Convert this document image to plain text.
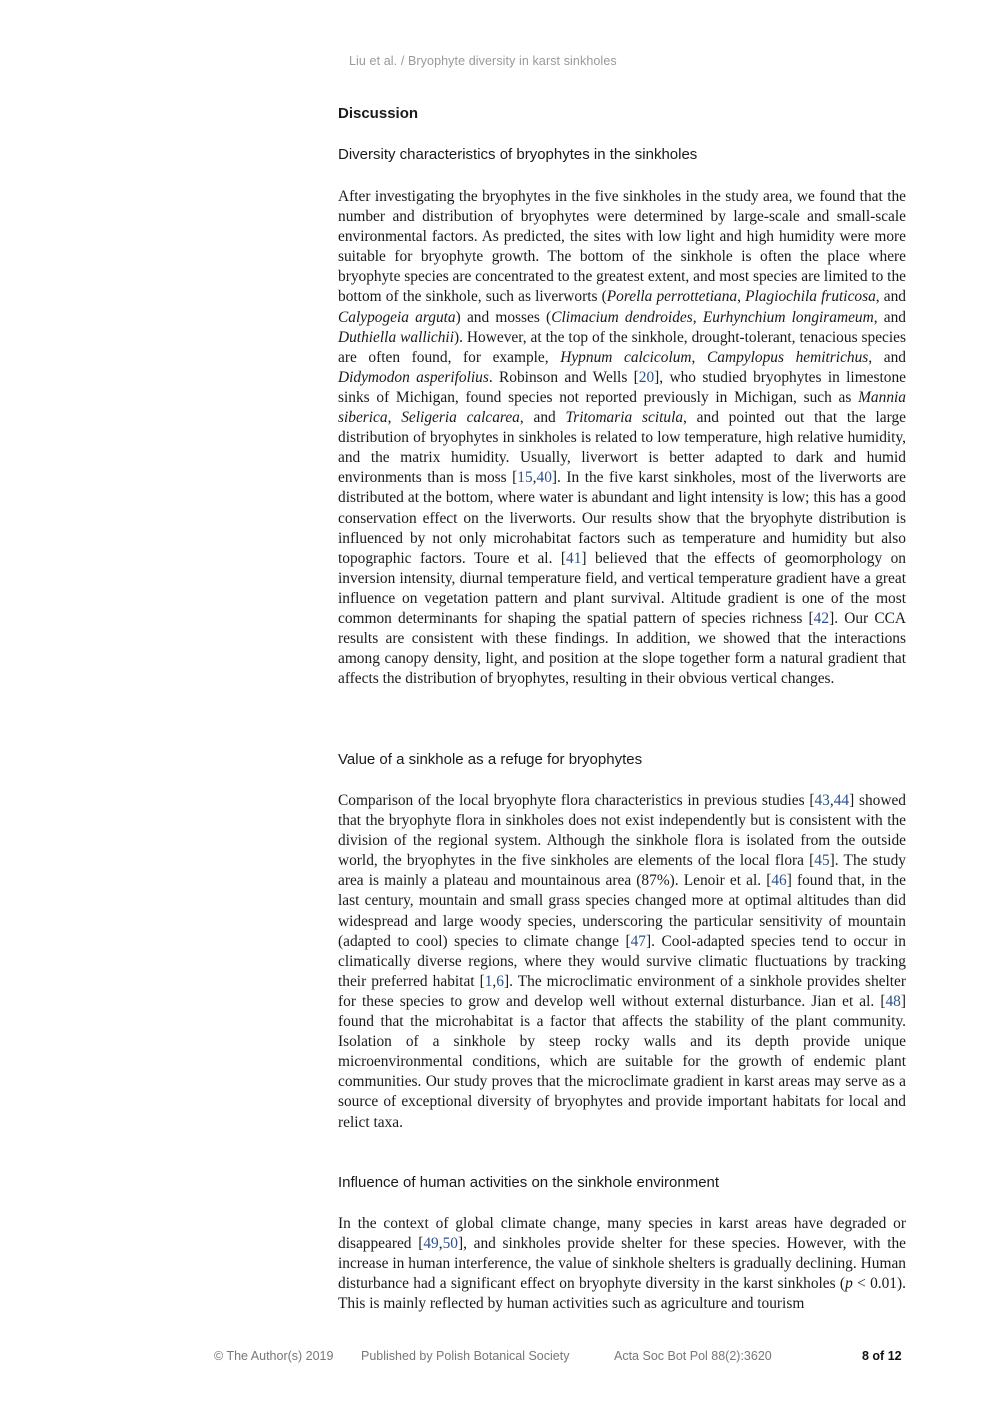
Liu et al. / Bryophyte diversity in karst sinkholes
Discussion
Diversity characteristics of bryophytes in the sinkholes
After investigating the bryophytes in the five sinkholes in the study area, we found that the number and distribution of bryophytes were determined by large-scale and small-scale environmental factors. As predicted, the sites with low light and high humidity were more suitable for bryophyte growth. The bottom of the sinkhole is often the place where bryophyte species are concentrated to the greatest extent, and most species are limited to the bottom of the sinkhole, such as liverworts (Porella perrottetiana, Plagiochila fruticosa, and Calypogeia arguta) and mosses (Climacium dendroides, Eurhynchium longirameum, and Duthiella wallichii). However, at the top of the sinkhole, drought-tolerant, tenacious species are often found, for example, Hypnum calcicolum, Campylopus hemitrichus, and Didymodon asperifolius. Robinson and Wells [20], who studied bryophytes in limestone sinks of Michigan, found species not reported previously in Michigan, such as Mannia siberica, Seligeria calcarea, and Tritomaria scitula, and pointed out that the large distribution of bryophytes in sinkholes is related to low temperature, high relative humidity, and the matrix humidity. Usually, liverwort is better adapted to dark and humid environments than is moss [15,40]. In the five karst sinkholes, most of the liverworts are distributed at the bottom, where water is abundant and light intensity is low; this has a good conservation effect on the liverworts. Our results show that the bryophyte distribution is influenced by not only microhabitat factors such as temperature and humidity but also topographic factors. Toure et al. [41] believed that the effects of geomorphology on inversion intensity, diurnal temperature field, and vertical temperature gradient have a great influence on vegetation pattern and plant survival. Altitude gradient is one of the most common determinants for shaping the spatial pattern of species richness [42]. Our CCA results are consistent with these findings. In addition, we showed that the interactions among canopy density, light, and position at the slope together form a natural gradient that affects the distribution of bryophytes, resulting in their obvious vertical changes.
Value of a sinkhole as a refuge for bryophytes
Comparison of the local bryophyte flora characteristics in previous studies [43,44] showed that the bryophyte flora in sinkholes does not exist independently but is consistent with the division of the regional system. Although the sinkhole flora is isolated from the outside world, the bryophytes in the five sinkholes are elements of the local flora [45]. The study area is mainly a plateau and mountainous area (87%). Lenoir et al. [46] found that, in the last century, mountain and small grass species changed more at optimal altitudes than did widespread and large woody species, underscoring the particular sensitivity of mountain (adapted to cool) species to climate change [47]. Cool-adapted species tend to occur in climatically diverse regions, where they would survive climatic fluctuations by tracking their preferred habitat [1,6]. The microclimatic environment of a sinkhole provides shelter for these species to grow and develop well without external disturbance. Jian et al. [48] found that the microhabitat is a factor that affects the stability of the plant community. Isolation of a sinkhole by steep rocky walls and its depth provide unique microenvironmental conditions, which are suitable for the growth of endemic plant communities. Our study proves that the microclimate gradient in karst areas may serve as a source of exceptional diversity of bryophytes and provide important habitats for local and relict taxa.
Influence of human activities on the sinkhole environment
In the context of global climate change, many species in karst areas have degraded or disappeared [49,50], and sinkholes provide shelter for these species. However, with the increase in human interference, the value of sinkhole shelters is gradually declining. Human disturbance had a significant effect on bryophyte diversity in the karst sinkholes (p < 0.01). This is mainly reflected by human activities such as agriculture and tourism
© The Author(s) 2019 Published by Polish Botanical Society	Acta Soc Bot Pol 88(2):3620	8 of 12
